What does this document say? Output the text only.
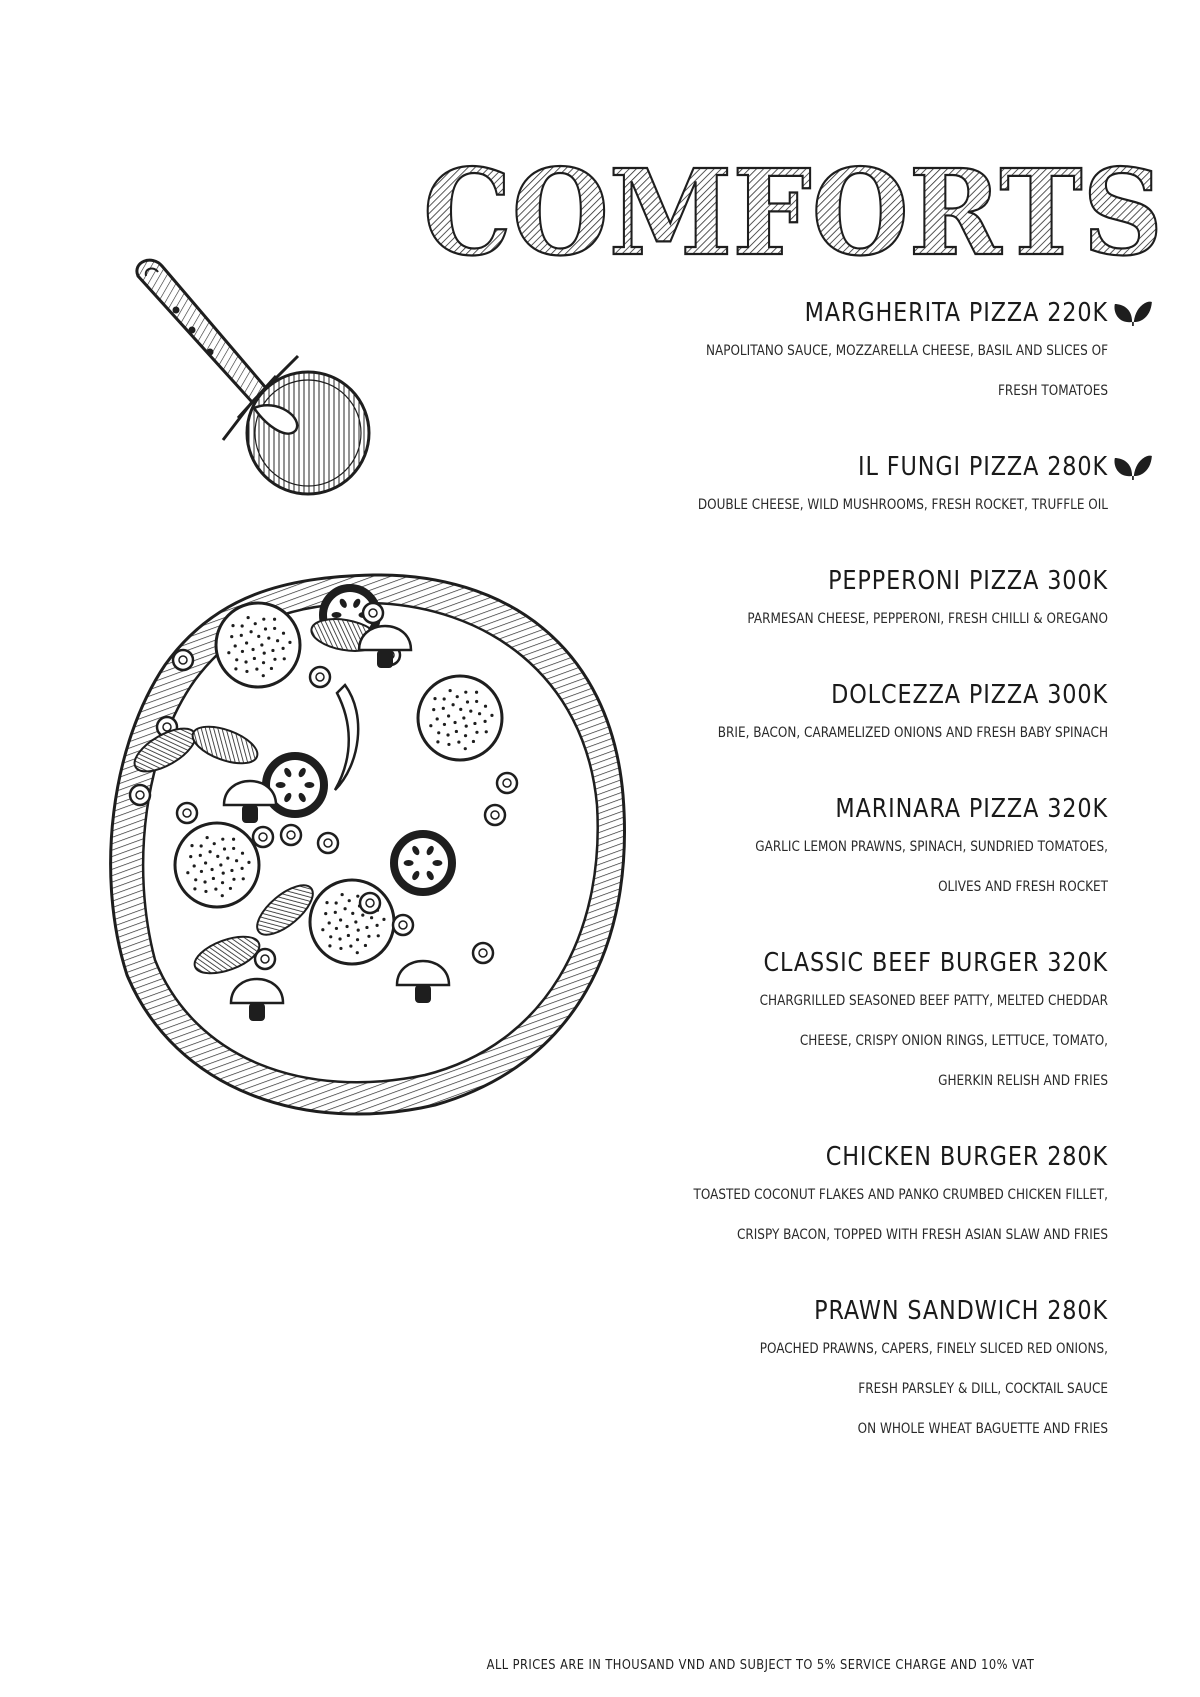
COMFORTS
MARGHERITA PIZZA 220K
NAPOLITANO SAUCE, MOZZARELLA CHEESE, BASIL AND SLICES OF
FRESH TOMATOES
IL FUNGI PIZZA 280K
DOUBLE CHEESE, WILD MUSHROOMS, FRESH ROCKET, TRUFFLE OIL
PEPPERONI PIZZA 300K
PARMESAN CHEESE, PEPPERONI, FRESH CHILLI & OREGANO
DOLCEZZA PIZZA 300K
BRIE, BACON, CARAMELIZED ONIONS AND FRESH BABY SPINACH
MARINARA PIZZA 320K
GARLIC LEMON PRAWNS, SPINACH, SUNDRIED TOMATOES,
OLIVES AND FRESH ROCKET
CLASSIC BEEF BURGER 320K
CHARGRILLED SEASONED BEEF PATTY, MELTED CHEDDAR
CHEESE, CRISPY ONION RINGS, LETTUCE, TOMATO,
GHERKIN RELISH AND FRIES
CHICKEN BURGER 280K
TOASTED COCONUT FLAKES AND PANKO CRUMBED CHICKEN FILLET,
CRISPY BACON, TOPPED WITH FRESH ASIAN SLAW AND FRIES
PRAWN SANDWICH 280K
POACHED PRAWNS, CAPERS, FINELY SLICED RED ONIONS,
FRESH PARSLEY & DILL, COCKTAIL SAUCE
ON WHOLE WHEAT BAGUETTE AND FRIES
ALL PRICES ARE IN THOUSAND VND AND SUBJECT TO 5% SERVICE CHARGE AND 10% VAT
